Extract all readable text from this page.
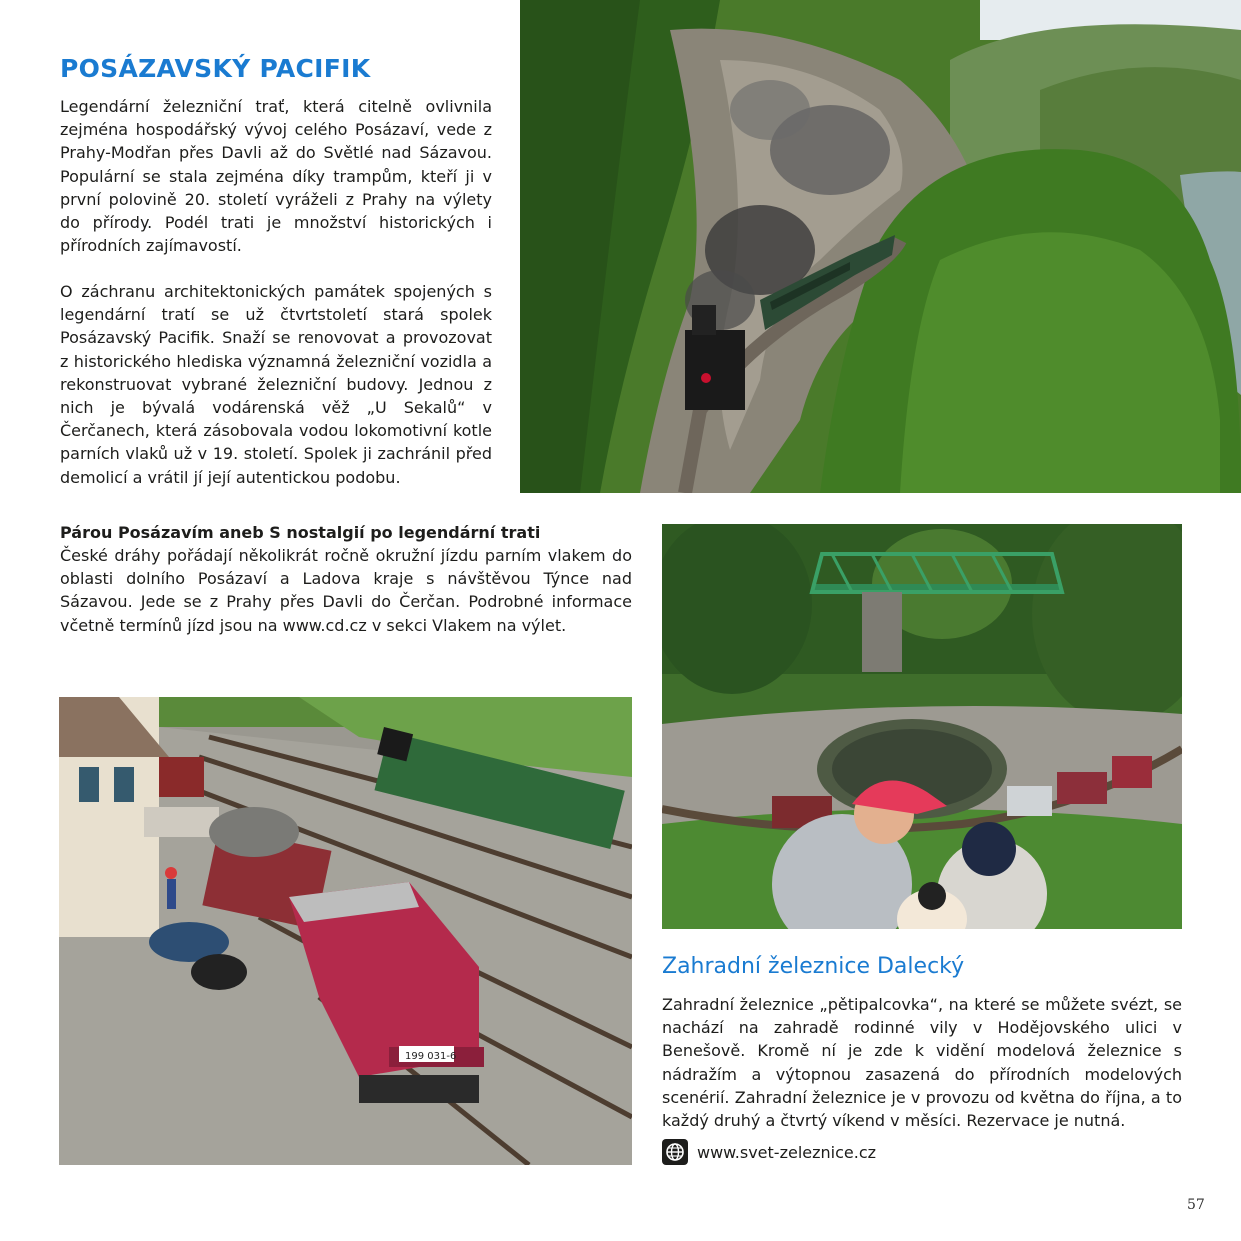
POSÁZAVSKÝ PACIFIK

Legendární železniční trať, která citelně ovlivnila zejména hospodářský vývoj celého Posázaví, vede z Prahy-Modřan přes Davli až do Světlé nad Sázavou. Populární se stala zejména díky trampům, kteří ji v první polovině 20. století vyráželi z Prahy na výlety do přírody. Podél trati je množství historických i přírodních zajímavostí.

O záchranu architektonických památek spojených s legendární tratí se už čtvrtstoletí stará spolek Posázavský Pacifik. Snaží se renovovat a provozovat z historického hlediska významná železniční vozidla a rekonstruovat vybrané železniční budovy. Jednou z nich je bývalá vodárenská věž „U Sekalů“ v Čerčanech, která zásobovala vodou lokomotivní kotle parních vlaků už v 19. století. Spolek ji zachránil před demolicí a vrátil jí její autentickou podobu.

Párou Posázavím aneb S nostalgií po legendární trati

České dráhy pořádají několikrát ročně okružní jízdu parním vlakem do oblasti dolního Posázaví a Ladova kraje s návštěvou Týnce nad Sázavou. Jede se z Prahy přes Davli do Čerčan. Podrobné informace včetně termínů jízd jsou na www.cd.cz v sekci Vlakem na výlet.

199 031-6
Zahradní železnice Dalecký

Zahradní železnice „pětipalcovka“, na které se můžete svézt, se nachází na zahradě rodinné vily v Hodějovského ulici v Benešově. Kromě ní je zde k vidění modelová železnice s nádražím a výtopnou zasazená do přírodních modelových scenérií. Zahradní železnice je v provozu od května do října, a to každý druhý a čtvrtý víkend v měsíci. Rezervace je nutná.

www.svet-zeleznice.cz
57
